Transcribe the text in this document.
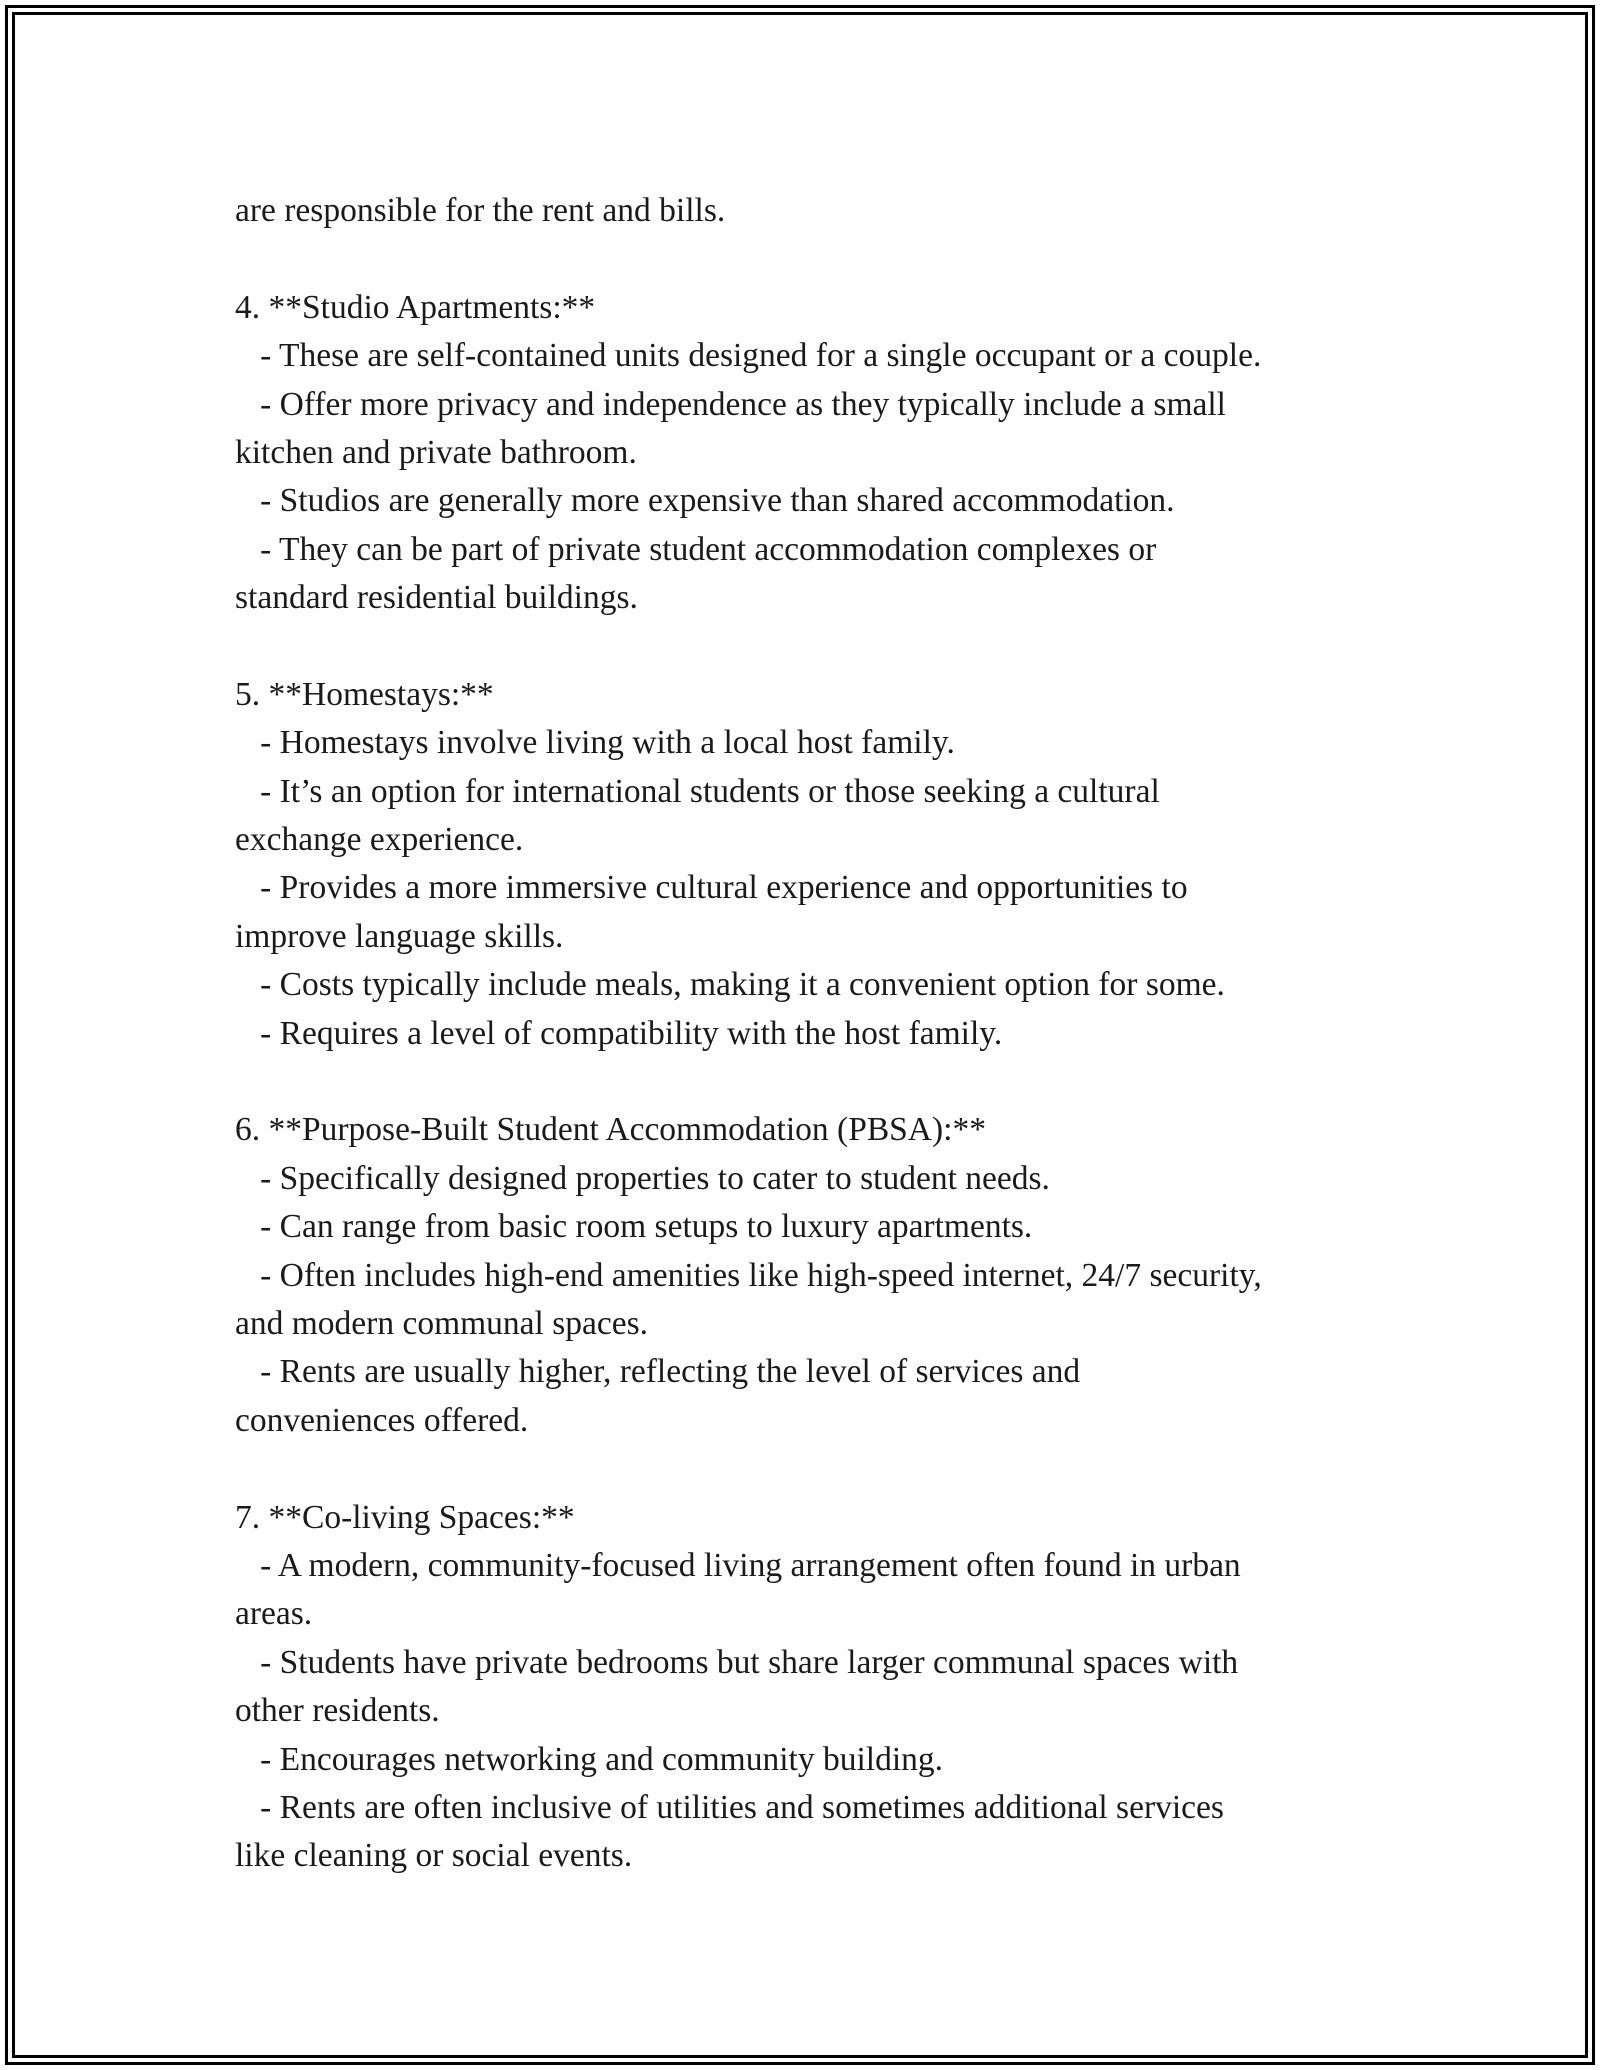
are responsible for the rent and bills.
4. **Studio Apartments:**
- These are self-contained units designed for a single occupant or a couple.
- Offer more privacy and independence as they typically include a small
kitchen and private bathroom.
- Studios are generally more expensive than shared accommodation.
- They can be part of private student accommodation complexes or
standard residential buildings.
5. **Homestays:**
- Homestays involve living with a local host family.
- It’s an option for international students or those seeking a cultural
exchange experience.
- Provides a more immersive cultural experience and opportunities to
improve language skills.
- Costs typically include meals, making it a convenient option for some.
- Requires a level of compatibility with the host family.
6. **Purpose-Built Student Accommodation (PBSA):**
- Specifically designed properties to cater to student needs.
- Can range from basic room setups to luxury apartments.
- Often includes high-end amenities like high-speed internet, 24/7 security,
and modern communal spaces.
- Rents are usually higher, reflecting the level of services and
conveniences offered.
7. **Co-living Spaces:**
- A modern, community-focused living arrangement often found in urban
areas.
- Students have private bedrooms but share larger communal spaces with
other residents.
- Encourages networking and community building.
- Rents are often inclusive of utilities and sometimes additional services
like cleaning or social events.
